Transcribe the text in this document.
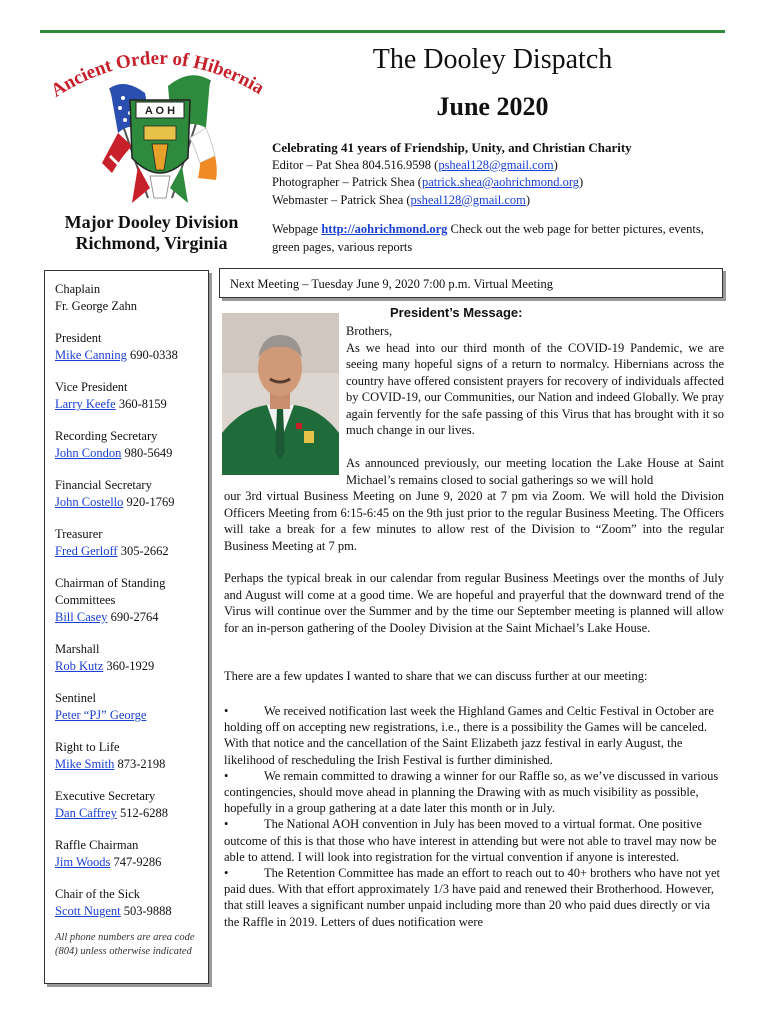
Ancient Order of Hibernia
A O H
Major Dooley Division
Richmond, Virginia
The Dooley Dispatch
June 2020
Celebrating 41 years of Friendship, Unity, and Christian Charity
Editor – Pat Shea 804.516.9598 (psheal128@gmail.com)
Photographer – Patrick Shea (patrick.shea@aohrichmond.org)
Webmaster – Patrick Shea (psheal128@gmail.com)
Webpage http://aohrichmond.org Check out the web page for better pictures, events, green pages, various reports
Chaplain
Fr. George Zahn
President
Mike Canning 690-0338
Vice President
Larry Keefe 360-8159
Recording Secretary
John Condon 980-5649
Financial Secretary
John Costello 920-1769
Treasurer
Fred Gerloff 305-2662
Chairman of Standing Committees
Bill Casey 690-2764
Marshall
Rob Kutz 360-1929
Sentinel
Peter “PJ” George
Right to Life
Mike Smith 873-2198
Executive Secretary
Dan Caffrey 512-6288
Raffle Chairman
Jim Woods 747-9286
Chair of the Sick
Scott Nugent 503-9888
All phone numbers are area code (804) unless otherwise indicated
Next Meeting – Tuesday June 9, 2020 7:00 p.m. Virtual Meeting
President’s Message:
Brothers,
As we head into our third month of the COVID-19 Pandemic, we are seeing many hopeful signs of a return to normalcy. Hibernians across the country have offered consistent prayers for recovery of individuals affected by COVID-19, our Communities, our Nation and indeed Globally. We pray again fervently for the safe passing of this Virus that has brought with it so much change in our lives.
As announced previously, our meeting location the Lake House at Saint Michael’s remains closed to social gatherings so we will hold
our 3rd virtual Business Meeting on June 9, 2020 at 7 pm via Zoom. We will hold the Division Officers Meeting from 6:15-6:45 on the 9th just prior to the regular Business Meeting. The Officers will take a break for a few minutes to allow rest of the Division to “Zoom” into the regular Business Meeting at 7 pm.
Perhaps the typical break in our calendar from regular Business Meetings over the months of July and August will come at a good time. We are hopeful and prayerful that the downward trend of the Virus will continue over the Summer and by the time our September meeting is planned will allow for an in-person gathering of the Dooley Division at the Saint Michael’s Lake House.
There are a few updates I wanted to share that we can discuss further at our meeting:
•	We received notification last week the Highland Games and Celtic Festival in October are holding off on accepting new registrations, i.e., there is a possibility the Games will be canceled. With that notice and the cancellation of the Saint Elizabeth jazz festival in early August, the likelihood of rescheduling the Irish Festival is further diminished.
•	We remain committed to drawing a winner for our Raffle so, as we’ve discussed in various contingencies, should move ahead in planning the Drawing with as much visibility as possible, hopefully in a group gathering at a date later this month or in July.
•	The National AOH convention in July has been moved to a virtual format. One positive outcome of this is that those who have interest in attending but were not able to travel may now be able to attend. I will look into registration for the virtual convention if anyone is interested.
•	The Retention Committee has made an effort to reach out to 40+ brothers who have not yet paid dues. With that effort approximately 1/3 have paid and renewed their Brotherhood. However, that still leaves a significant number unpaid including more than 20 who paid dues directly or via the Raffle in 2019. Letters of dues notification were
